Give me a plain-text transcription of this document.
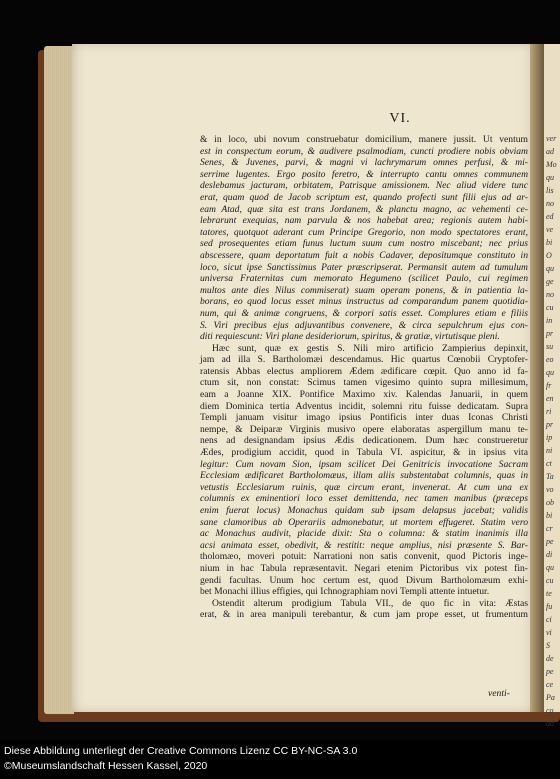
ver
ad
Mo
qu
lis
no
ed
ve
bi
O
qu
ge
no
cu
in
pr
su
eo
qu
fr
en
ri
pr
ip
ni
ct
Ta
vo
ob
bi
cr
pe
di
qu
cu
te
fu
ci
vi
S
de
pe
ce
Pa
co
ad
VI.
& in loco, ubi novum construebatur domicilium, manere jussit. Ut ventum
est in conspectum eorum, & audivere psalmodiam, cuncti prodiere nobis obviam
Senes, & Juvenes, parvi, & magni vi lachrymarum omnes perfusi, & mi-
serrime lugentes. Ergo posito feretro, & interrupto cantu omnes communem
deslebamus jacturam, orbitatem, Patrisque amissionem. Nec aliud videre tunc
erat, quam quod de Jacob scriptum est, quando profecti sunt filii ejus ad ar-
eam Atad, quæ sita est trans Jordanem, & planctu magno, ac vehementi ce-
lebrarunt exequias, nam parvula & nos habebat area; regionis autem habi-
tatores, quotquot aderant cum Principe Gregorio, non modo spectatores erant,
sed prosequentes etiam funus luctum suum cum nostro miscebant; nec prius
abscessere, quam deportatum fuit a nobis Cadaver, depositumque constituto in
loco, sicut ipse Sanctissimus Pater præscripserat. Permansit autem ad tumulum
universa Fraternitas cum memorato Hegumeno (scilicet Paulo, cui regimen
multos ante dies Nilus commiserat) suam operam ponens, & in patientia la-
borans, eo quod locus esset minus instructus ad comparandum panem quotidia-
num, qui & animæ congruens, & corpori satis esset. Complures etiam e filiis
S. Viri precibus ejus adjuvantibus convenere, & circa sepulchrum ejus con-
diti requiescunt: Viri plane desideriorum, spiritus, & gratiæ, virtutisque pleni.
Hæc sunt, quæ ex gestis S. Nili miro artificio Zampierius depinxit,
jam ad illa S. Bartholomæi descendamus. Hic quartus Cœnobii Cryptofer-
ratensis Abbas electus ampliorem Ædem ædificare cœpit. Quo anno id fa-
ctum sit, non constat: Scimus tamen vigesimo quinto supra millesimum,
eam a Joanne XIX. Pontifice Maximo xiv. Kalendas Januarii, in quem
diem Dominica tertia Adventus incidit, solemni ritu fuisse dedicatam. Supra
Templi januam visitur imago ipsius Pontificis inter duas Iconas Christi
nempe, & Deiparæ Virginis musivo opere elaboratas aspergillum manu te-
nens ad designandam ipsius Ædis dedicationem. Dum hæc construeretur
Ædes, prodigium accidit, quod in Tabula VI. aspicitur, & in ipsius vita
legitur: Cum novam Sion, ipsam scilicet Dei Genitricis invocatione Sacram
Ecclesiam ædificaret Bartholomæus, illam aliis substentabat columnis, quas in
vetustis Ecclesiarum ruinis, quæ circum erant, invenerat. At cum una ex
columnis ex eminentiori loco esset demittenda, nec tamen manibus (præceps
enim fuerat locus) Monachus quidam sub ipsam delapsus jacebat; validis
sane clamoribus ab Operariis admonebatur, ut mortem effugeret. Statim vero
ac Monachus audivit, placide dixit: Sta o columna: & statim inanimis illa
acsi animata esset, obedivit, & restitit: neque amplius, nisi præsente S. Bar-
tholomæo, moveri potuit: Narrationi non satis convenit, quod Pictoris inge-
nium in hac Tabula repræsentavit. Negari etenim Pictoribus vix potest fin-
gendi facultas. Unum hoc certum est, quod Divum Bartholomæum exhi-
bet Monachi illius effigies, qui Ichnographiam novi Templi attente intuetur.
Ostendit alterum prodigium Tabula VII., de quo fic in vita: Æstas
erat, & in area manipuli terebantur, & cum jam prope esset, ut frumentum
venti-
Diese Abbildung unterliegt der Creative Commons Lizenz CC BY-NC-SA 3.0
©Museumslandschaft Hessen Kassel, 2020
